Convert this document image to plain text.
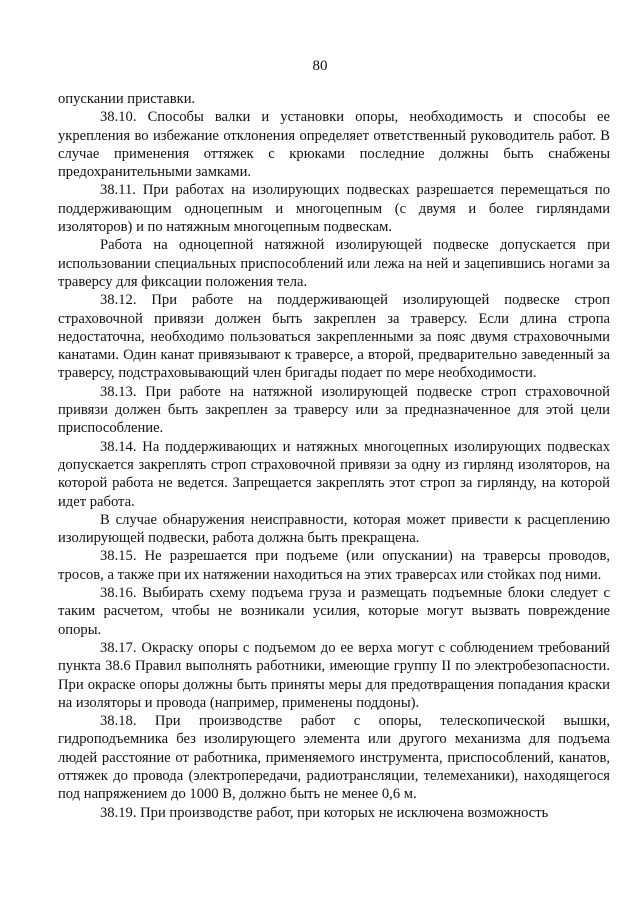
80

опускании приставки.

38.10. Способы валки и установки опоры, необходимость и способы ее укрепления во избежание отклонения определяет ответственный руководитель работ. В случае применения оттяжек с крюками последние должны быть снабжены предохранительными замками.

38.11. При работах на изолирующих подвесках разрешается перемещаться по поддерживающим одноцепным и многоцепным (с двумя и более гирляндами изоляторов) и по натяжным многоцепным подвескам.

Работа на одноцепной натяжной изолирующей подвеске допускается при использовании специальных приспособлений или лежа на ней и зацепившись ногами за траверсу для фиксации положения тела.

38.12. При работе на поддерживающей изолирующей подвеске строп страховочной привязи должен быть закреплен за траверсу. Если длина стропа недостаточна, необходимо пользоваться закрепленными за пояс двумя страховочными канатами. Один канат привязывают к траверсе, а второй, предварительно заведенный за траверсу, подстраховывающий член бригады подает по мере необходимости.

38.13. При работе на натяжной изолирующей подвеске строп страховочной привязи должен быть закреплен за траверсу или за предназначенное для этой цели приспособление.

38.14. На поддерживающих и натяжных многоцепных изолирующих подвесках допускается закреплять строп страховочной привязи за одну из гирлянд изоляторов, на которой работа не ведется. Запрещается закреплять этот строп за гирлянду, на которой идет работа.

В случае обнаружения неисправности, которая может привести к расцеплению изолирующей подвески, работа должна быть прекращена.

38.15. Не разрешается при подъеме (или опускании) на траверсы проводов, тросов, а также при их натяжении находиться на этих траверсах или стойках под ними.

38.16. Выбирать схему подъема груза и размещать подъемные блоки следует с таким расчетом, чтобы не возникали усилия, которые могут вызвать повреждение опоры.

38.17. Окраску опоры с подъемом до ее верха могут с соблюдением требований пункта 38.6 Правил выполнять работники, имеющие группу II по электробезопасности. При окраске опоры должны быть приняты меры для предотвращения попадания краски на изоляторы и провода (например, применены поддоны).

38.18. При производстве работ с опоры, телескопической вышки, гидроподъемника без изолирующего элемента или другого механизма для подъема людей расстояние от работника, применяемого инструмента, приспособлений, канатов, оттяжек до провода (электропередачи, радиотрансляции, телемеханики), находящегося под напряжением до 1000 В, должно быть не менее 0,6 м.

38.19. При производстве работ, при которых не исключена возможность
